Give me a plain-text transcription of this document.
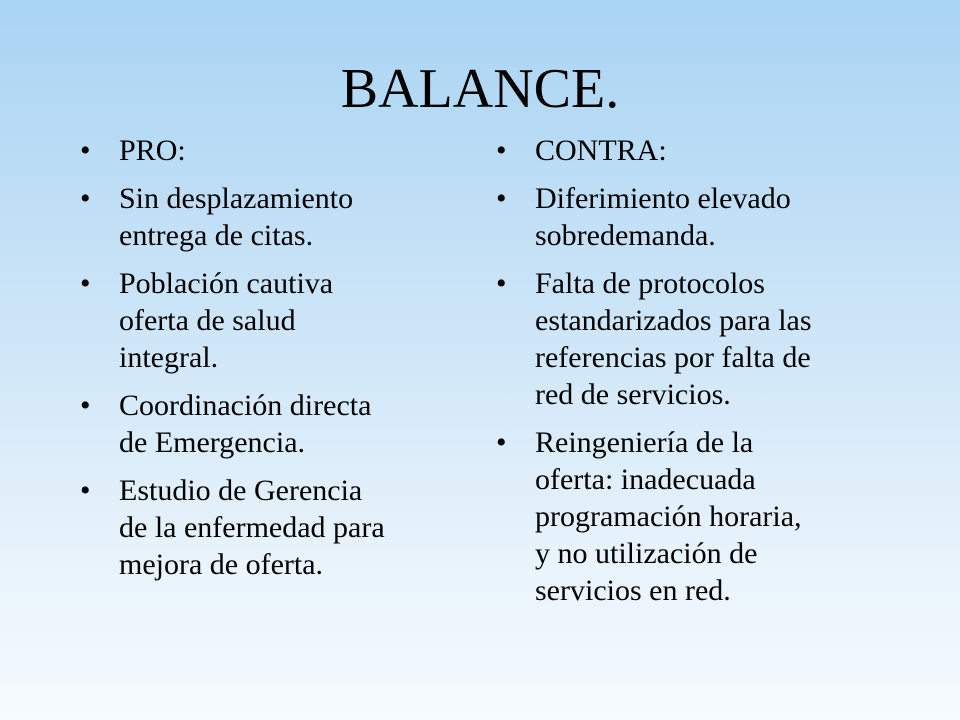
BALANCE.
• PRO:
• Sin desplazamiento
entrega de citas.
• Población cautiva
oferta de salud
integral.
• Coordinación directa
de Emergencia.
• Estudio de Gerencia
de la enfermedad para
mejora de oferta.
• CONTRA:
• Diferimiento elevado
sobredemanda.
• Falta de protocolos
estandarizados para las
referencias por falta de
red de servicios.
• Reingeniería de la
oferta: inadecuada
programación horaria,
y no utilización de
servicios en red.
